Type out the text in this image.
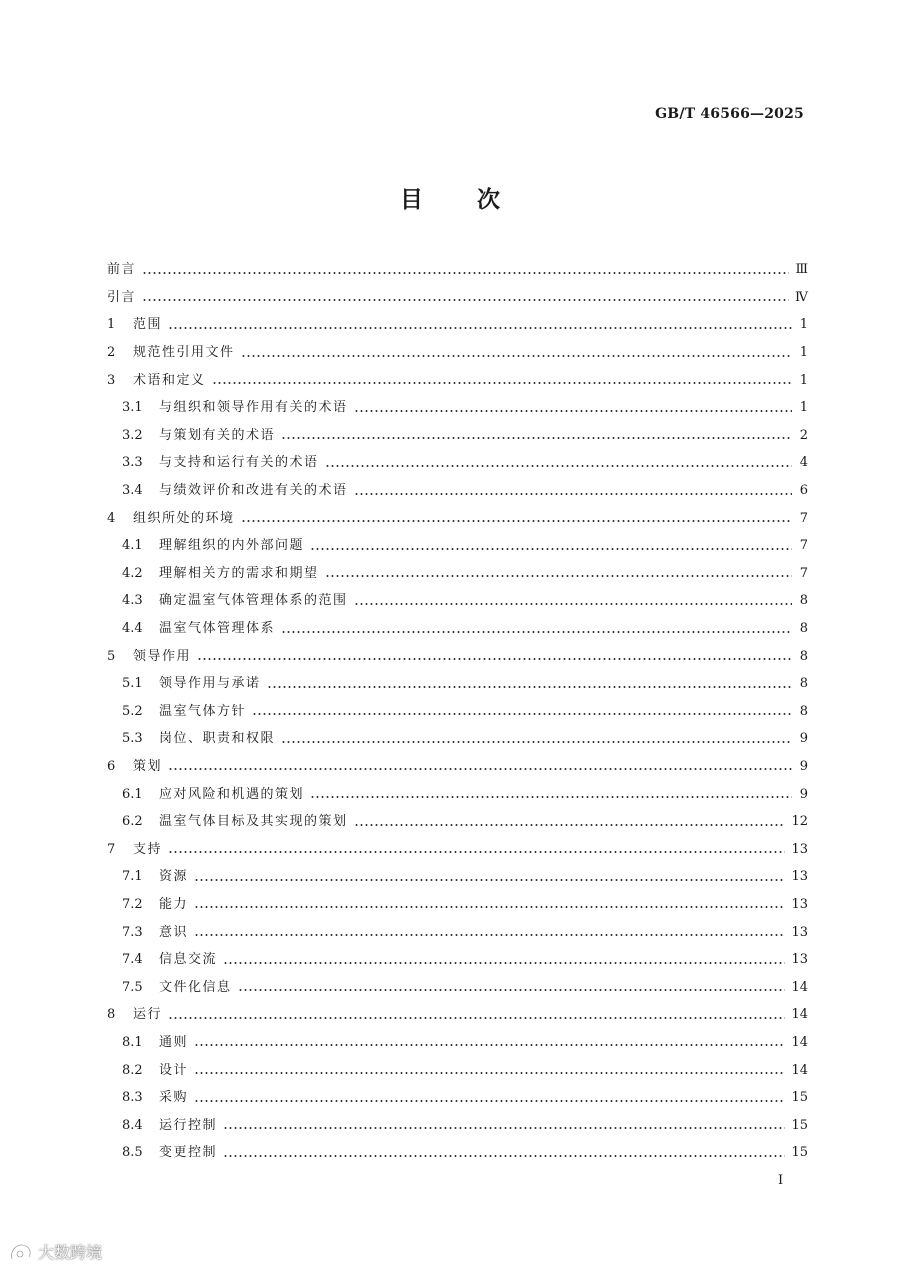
GB/T 46566—2025
目 次
前言	Ⅲ
引言	Ⅳ
1	范围	1
2	规范性引用文件	1
3	术语和定义	1
3.1	与组织和领导作用有关的术语	1
3.2	与策划有关的术语	2
3.3	与支持和运行有关的术语	4
3.4	与绩效评价和改进有关的术语	6
4	组织所处的环境	7
4.1	理解组织的内外部问题	7
4.2	理解相关方的需求和期望	7
4.3	确定温室气体管理体系的范围	8
4.4	温室气体管理体系	8
5	领导作用	8
5.1	领导作用与承诺	8
5.2	温室气体方针	8
5.3	岗位、职责和权限	9
6	策划	9
6.1	应对风险和机遇的策划	9
6.2	温室气体目标及其实现的策划	12
7	支持	13
7.1	资源	13
7.2	能力	13
7.3	意识	13
7.4	信息交流	13
7.5	文件化信息	14
8	运行	14
8.1	通则	14
8.2	设计	14
8.3	采购	15
8.4	运行控制	15
8.5	变更控制	15
I
大数跨境
